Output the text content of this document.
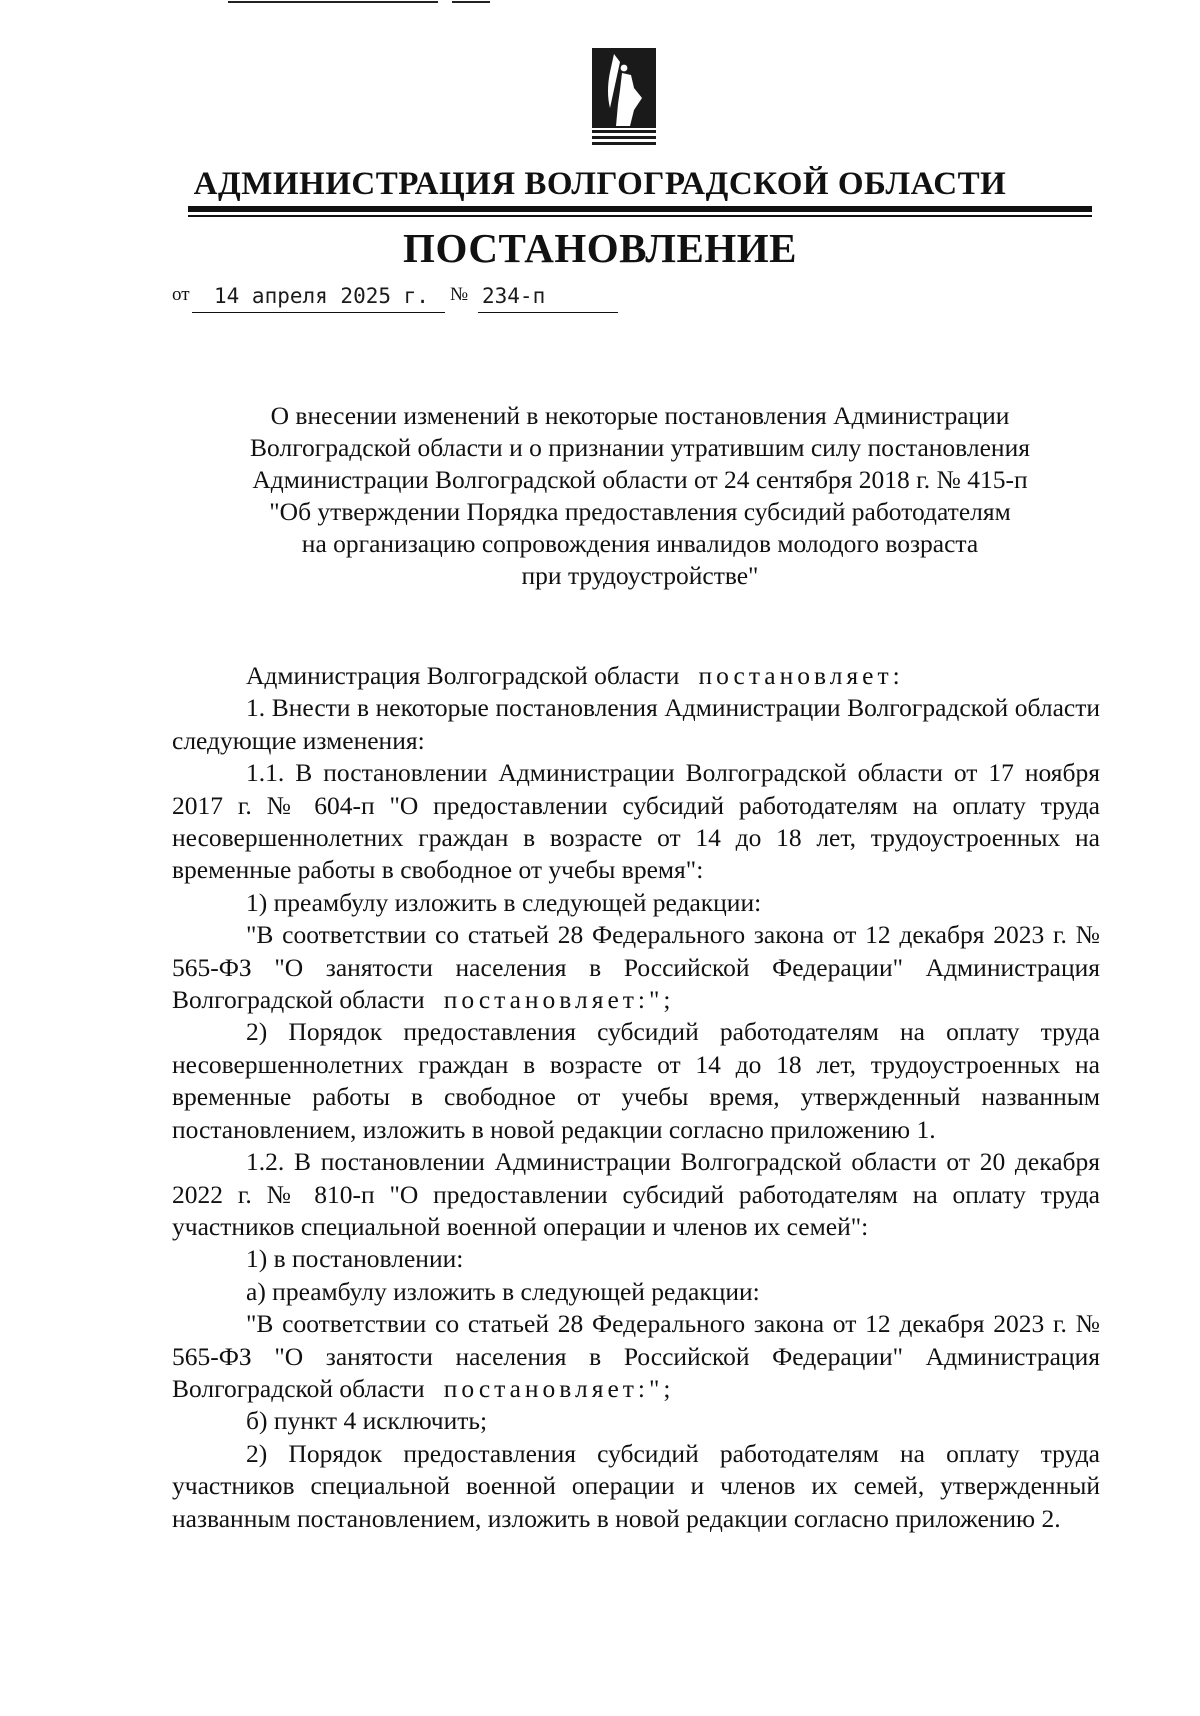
АДМИНИСТРАЦИЯ ВОЛГОГРАДСКОЙ ОБЛАСТИ
ПОСТАНОВЛЕНИЕ
от 14 апреля 2025 г. № 234-п
О внесении изменений в некоторые постановления Администрации
Волгоградской области и о признании утратившим силу постановления
Администрации Волгоградской области от 24 сентября 2018 г. № 415-п
"Об утверждении Порядка предоставления субсидий работодателям
на организацию сопровождения инвалидов молодого возраста
при трудоустройстве"

Администрация Волгоградской области постановляет:

1. Внести в некоторые постановления Администрации Волгоградской области следующие изменения:

1.1. В постановлении Администрации Волгоградской области от 17 ноября 2017 г. № 604-п "О предоставлении субсидий работодателям на оплату труда несовершеннолетних граждан в возрасте от 14 до 18 лет, трудоустроенных на временные работы в свободное от учебы время":

1) преамбулу изложить в следующей редакции:

"В соответствии со статьей 28 Федерального закона от 12 декабря 2023 г. № 565-ФЗ "О занятости населения в Российской Федерации" Администрация Волгоградской области постановляет:";

2) Порядок предоставления субсидий работодателям на оплату труда несовершеннолетних граждан в возрасте от 14 до 18 лет, трудоустроенных на временные работы в свободное от учебы время, утвержденный названным постановлением, изложить в новой редакции согласно приложению 1.

1.2. В постановлении Администрации Волгоградской области от 20 декабря 2022 г. № 810-п "О предоставлении субсидий работодателям на оплату труда участников специальной военной операции и членов их семей":

1) в постановлении:

а) преамбулу изложить в следующей редакции:

"В соответствии со статьей 28 Федерального закона от 12 декабря 2023 г. № 565-ФЗ "О занятости населения в Российской Федерации" Администрация Волгоградской области постановляет:";

б) пункт 4 исключить;

2) Порядок предоставления субсидий работодателям на оплату труда участников специальной военной операции и членов их семей, утвержденный названным постановлением, изложить в новой редакции согласно приложению 2.
